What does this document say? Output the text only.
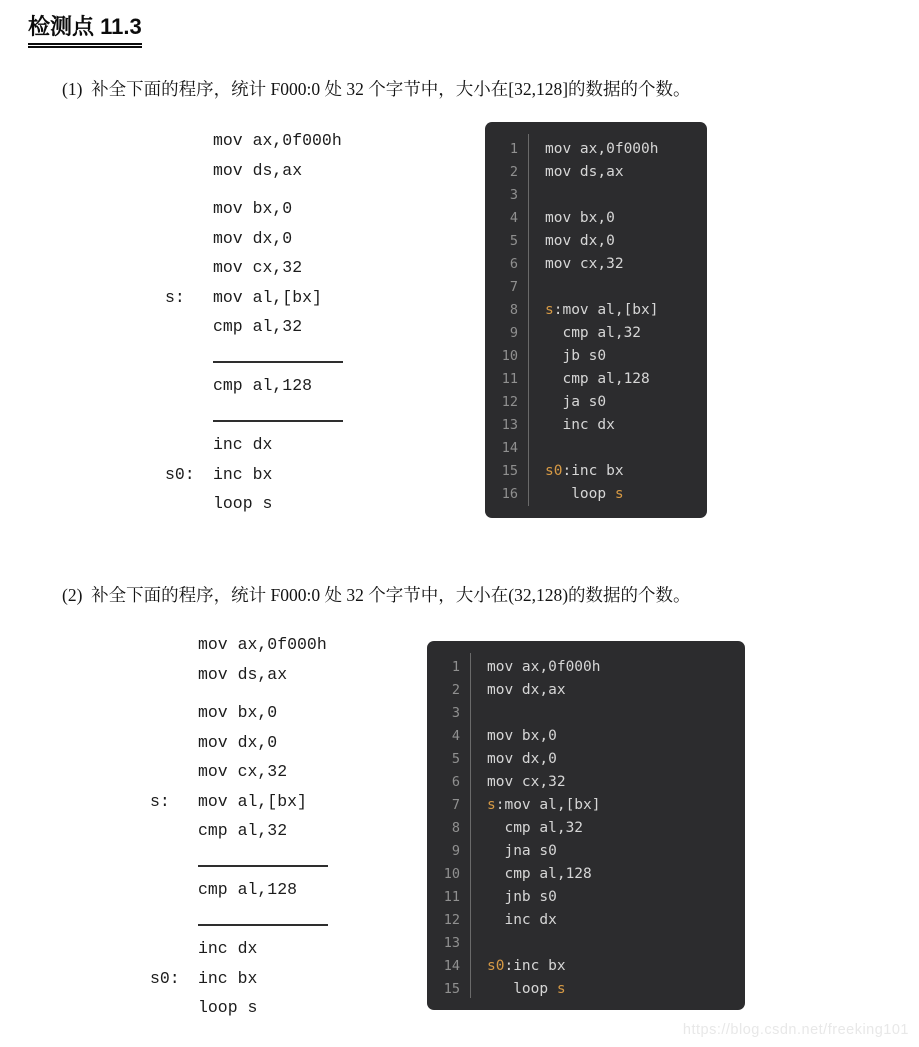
检测点 11.3
(1)  补全下面的程序，统计 F000:0 处 32 个字节中，大小在[32,128]的数据的个数。
mov ax,0f000h
mov ds,ax
mov bx,0
mov dx,0
mov cx,32
s:	mov al,[bx]
cmp al,32
cmp al,128
inc dx
s0:	inc bx
loop s
1	mov ax,0f000h
2	mov ds,ax
3
4	mov bx,0
5	mov dx,0
6	mov cx,32
7
8	s:mov al,[bx]
9	cmp al,32
10	jb s0
11	cmp al,128
12	ja s0
13	inc dx
14
15	s0:inc bx
16	loop s
(2)  补全下面的程序，统计 F000:0 处 32 个字节中，大小在(32,128)的数据的个数。
mov ax,0f000h
mov ds,ax
mov bx,0
mov dx,0
mov cx,32
s:	mov al,[bx]
cmp al,32
cmp al,128
inc dx
s0:	inc bx
loop s
1	mov ax,0f000h
2	mov dx,ax
3
4	mov bx,0
5	mov dx,0
6	mov cx,32
7	s:mov al,[bx]
8	cmp al,32
9	jna s0
10	cmp al,128
11	jnb s0
12	inc dx
13
14	s0:inc bx
15	loop s
https://blog.csdn.net/freeking101
